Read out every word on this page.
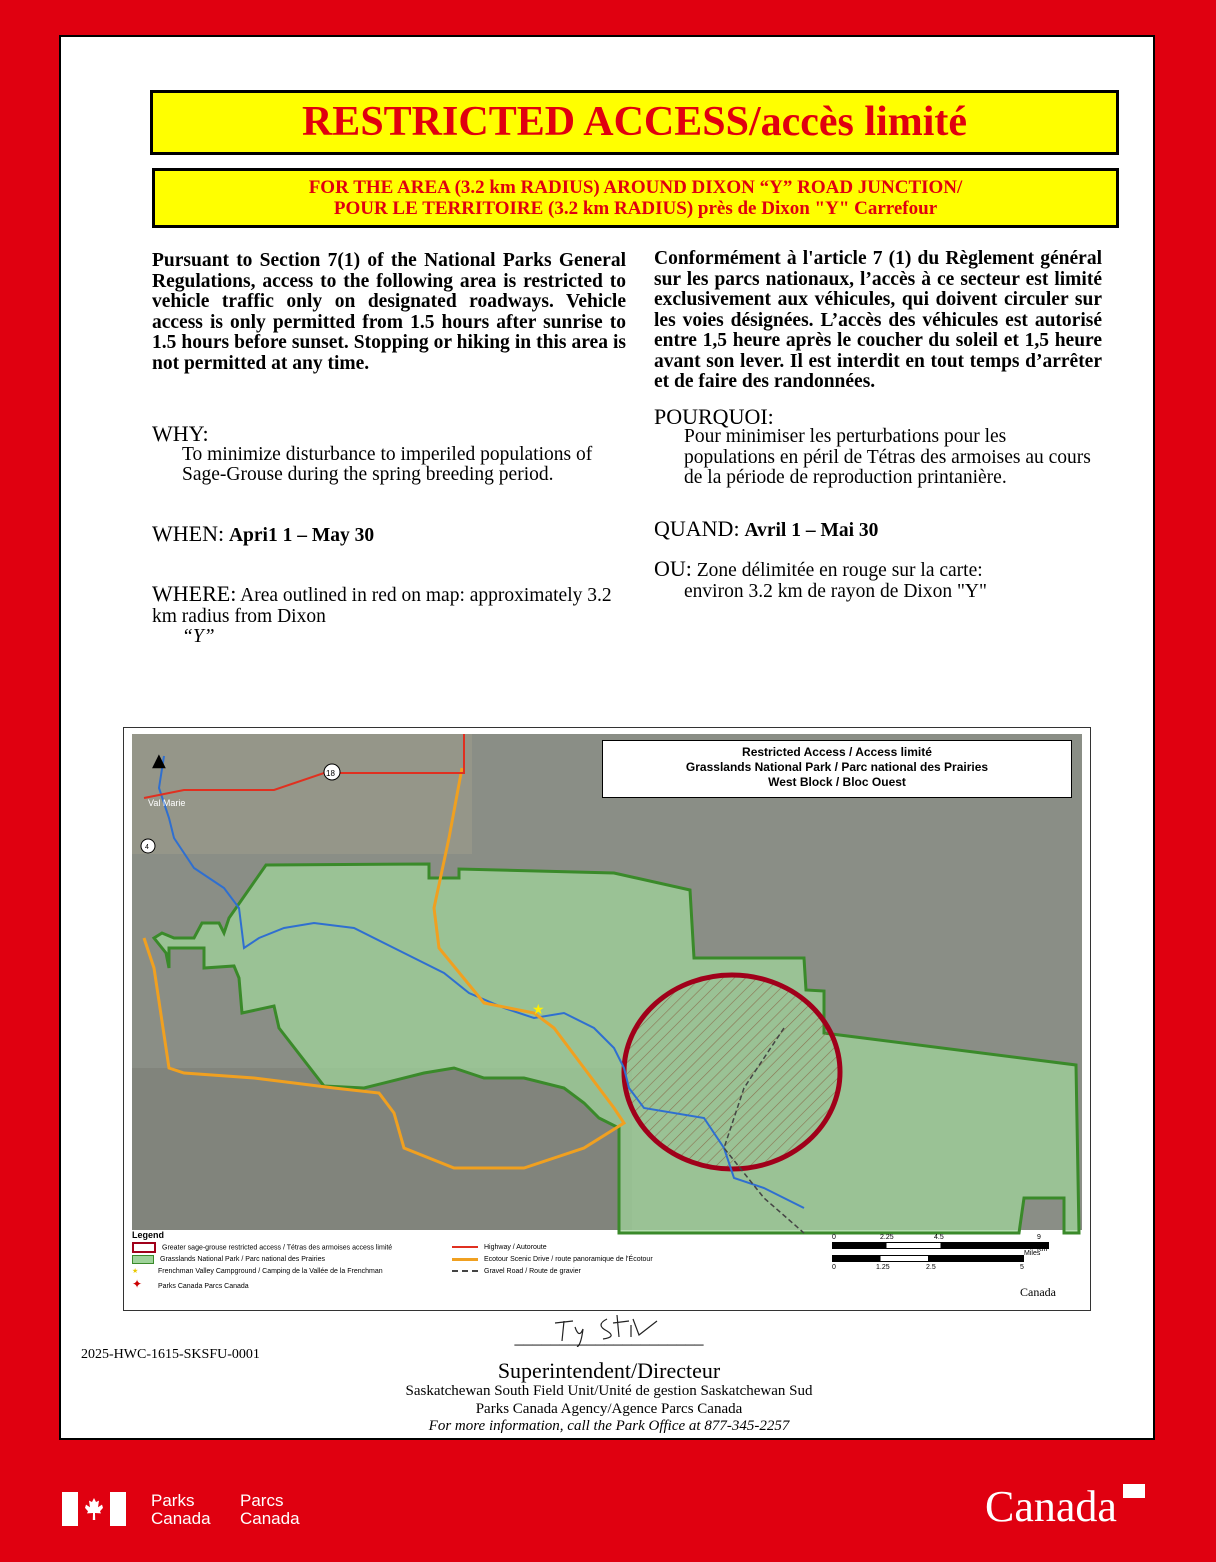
RESTRICTED ACCESS/accès limité
FOR THE AREA (3.2 km RADIUS) AROUND DIXON “Y” ROAD JUNCTION/
POUR LE TERRITOIRE (3.2 km RADIUS) près de Dixon "Y" Carrefour
Pursuant to Section 7(1) of the National Parks General Regulations, access to the following area is restricted to vehicle traffic only on designated roadways. Vehicle access is only permitted from 1.5 hours after sunrise to 1.5 hours before sunset. Stopping or hiking in this area is not permitted at any time.
WHY:
To minimize disturbance to imperiled populations of Sage-Grouse during the spring breeding period.
WHEN: Apri1 1 – May 30
WHERE: Area outlined in red on map: approximately 3.2 km radius from Dixon
“Y”
Conformément à l'article 7 (1) du Règlement général sur les parcs nationaux, l’accès à ce secteur est limité exclusivement aux véhicules, qui doivent circuler sur les voies désignées. L’accès des véhicules est autorisé entre 1,5 heure après le coucher du soleil et 1,5 heure avant son lever. Il est interdit en tout temps d’arrêter et de faire des randonnées.
POURQUOI:
Pour minimiser les perturbations pour les populations en péril de Tétras des armoises au cours de la période de reproduction printanière.
QUAND: Avril 1 – Mai 30
OU: Zone délimitée en rouge sur la carte:
environ 3.2 km de rayon de Dixon "Y"
▲
Val Marie
18
4
★
Restricted Access / Access limité
Grasslands National Park / Parc national des Prairies
West Block / Bloc Ouest
Legend
Greater sage-grouse restricted access / Tétras des armoises access limité
Grasslands National Park / Parc national des Prairies
★	Frenchman Valley Campground / Camping de la Vallée de la Frenchman
✦ Parks Canada Parcs Canada
Highway / Autoroute
Ecotour Scenic Drive / route panoramique de l'Écotour
Gravel Road / Route de gravier
0	2.25	4.5	9 Km
0	1.25	2.5	5
Miles
Canada
2025-HWC-1615-SKSFU-0001
_____________________
Superintendent/Directeur
Saskatchewan South Field Unit/Unité de gestion Saskatchewan Sud
Parks Canada Agency/Agence Parcs Canada
For more information, call the Park Office at 877-345-2257
Parks
Canada
Parcs
Canada	Canada
